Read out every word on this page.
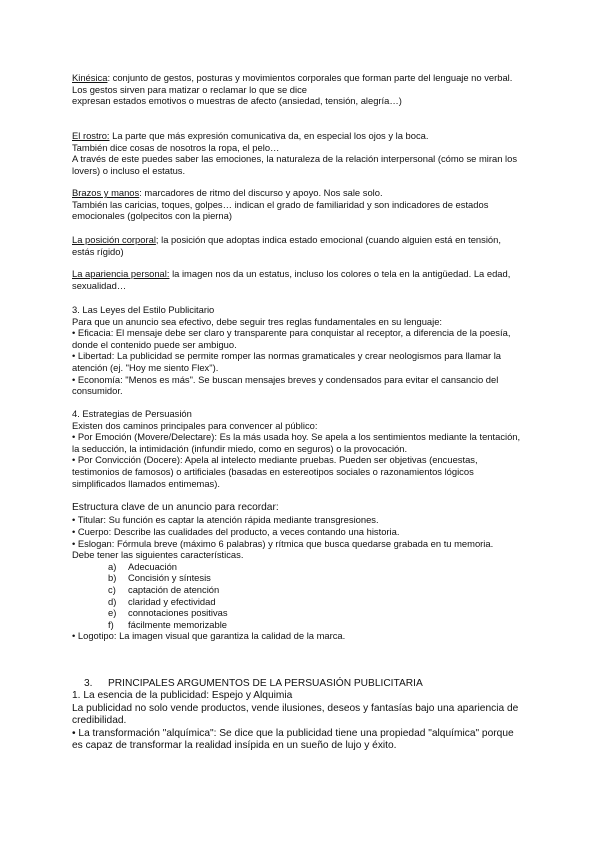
Kinésica: conjunto de gestos, posturas y movimientos corporales que forman parte del lenguaje no verbal.

Los gestos sirven para matizar o reclamar lo que se dice

expresan estados emotivos o muestras de afecto (ansiedad, tensión, alegría…)

El rostro: La parte que más expresión comunicativa da, en especial los ojos y la boca.

También dice cosas de nosotros la ropa, el pelo…

A través de este puedes saber las emociones, la naturaleza de la relación interpersonal (cómo se miran los lovers) o incluso el estatus.

Brazos y manos: marcadores de ritmo del discurso y apoyo. Nos sale solo.

También las caricias, toques, golpes… indican el grado de familiaridad y son indicadores de estados emocionales (golpecitos con la pierna)

La posición corporal; la posición que adoptas indica estado emocional (cuando alguien está en tensión, estás rígido)

La apariencia personal: la imagen nos da un estatus, incluso los colores o tela en la antigüedad. La edad, sexualidad…

3. Las Leyes del Estilo Publicitario

Para que un anuncio sea efectivo, debe seguir tres reglas fundamentales en su lenguaje:

• Eficacia: El mensaje debe ser claro y transparente para conquistar al receptor, a diferencia de la poesía, donde el contenido puede ser ambiguo.

• Libertad: La publicidad se permite romper las normas gramaticales y crear neologismos para llamar la atención (ej. "Hoy me siento Flex").

• Economía: "Menos es más". Se buscan mensajes breves y condensados para evitar el cansancio del consumidor.

4. Estrategias de Persuasión

Existen dos caminos principales para convencer al público:

• Por Emoción (Movere/Delectare): Es la más usada hoy. Se apela a los sentimientos mediante la tentación, la seducción, la intimidación (infundir miedo, como en seguros) o la provocación.

• Por Convicción (Docere): Apela al intelecto mediante pruebas. Pueden ser objetivas (encuestas, testimonios de famosos) o artificiales (basadas en estereotipos sociales o razonamientos lógicos simplificados llamados entimemas).

Estructura clave de un anuncio para recordar:

• Titular: Su función es captar la atención rápida mediante transgresiones.

• Cuerpo: Describe las cualidades del producto, a veces contando una historia.

• Eslogan: Fórmula breve (máximo 6 palabras) y rítmica que busca quedarse grabada en tu memoria.

Debe tener las siguientes características.

a) Adecuación
b) Concisión y síntesis
c) captación de atención
d) claridad y efectividad
e) connotaciones positivas
f) fácilmente memorizable

• Logotipo: La imagen visual que garantiza la calidad de la marca.

3. PRINCIPALES ARGUMENTOS DE LA PERSUASIÓN PUBLICITARIA

1. La esencia de la publicidad: Espejo y Alquimia

La publicidad no solo vende productos, vende ilusiones, deseos y fantasías bajo una apariencia de credibilidad.

• La transformación "alquímica": Se dice que la publicidad tiene una propiedad "alquímica" porque es capaz de transformar la realidad insípida en un sueño de lujo y éxito.
